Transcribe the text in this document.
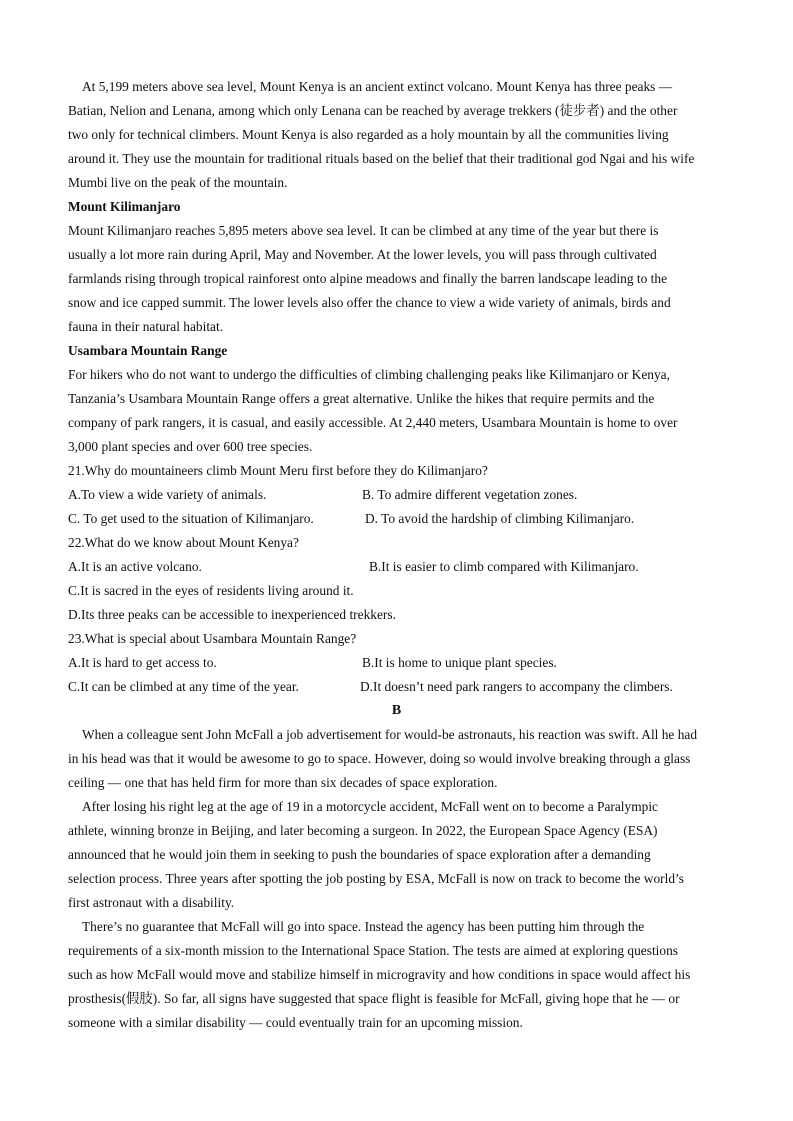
At 5,199 meters above sea level, Mount Kenya is an ancient extinct volcano. Mount Kenya has three peaks —
Batian, Nelion and Lenana, among which only Lenana can be reached by average trekkers (徒步者) and the other
two only for technical climbers. Mount Kenya is also regarded as a holy mountain by all the communities living
around it. They use the mountain for traditional rituals based on the belief that their traditional god Ngai and his wife
Mumbi live on the peak of the mountain.
Mount Kilimanjaro
Mount Kilimanjaro reaches 5,895 meters above sea level. It can be climbed at any time of the year but there is
usually a lot more rain during April, May and November. At the lower levels, you will pass through cultivated
farmlands rising through tropical rainforest onto alpine meadows and finally the barren landscape leading to the
snow and ice capped summit. The lower levels also offer the chance to view a wide variety of animals, birds and
fauna in their natural habitat.
Usambara Mountain Range
For hikers who do not want to undergo the difficulties of climbing challenging peaks like Kilimanjaro or Kenya,
Tanzania’s Usambara Mountain Range offers a great alternative. Unlike the hikes that require permits and the
company of park rangers, it is casual, and easily accessible. At 2,440 meters, Usambara Mountain is home to over
3,000 plant species and over 600 tree species.
21.Why do mountaineers climb Mount Meru first before they do Kilimanjaro?
A.To view a wide variety of animals.	B. To admire different vegetation zones.
C. To get used to the situation of Kilimanjaro.	D. To avoid the hardship of climbing Kilimanjaro.
22.What do we know about Mount Kenya?
A.It is an active volcano.	B.It is easier to climb compared with Kilimanjaro.
C.It is sacred in the eyes of residents living around it.
D.Its three peaks can be accessible to inexperienced trekkers.
23.What is special about Usambara Mountain Range?
A.It is hard to get access to.	B.It is home to unique plant species.
C.It can be climbed at any time of the year.	D.It doesn’t need park rangers to accompany the climbers.
B
When a colleague sent John McFall a job advertisement for would-be astronauts, his reaction was swift. All he had
in his head was that it would be awesome to go to space. However, doing so would involve breaking through a glass
ceiling — one that has held firm for more than six decades of space exploration.
After losing his right leg at the age of 19 in a motorcycle accident, McFall went on to become a Paralympic
athlete, winning bronze in Beijing, and later becoming a surgeon. In 2022, the European Space Agency (ESA)
announced that he would join them in seeking to push the boundaries of space exploration after a demanding
selection process. Three years after spotting the job posting by ESA, McFall is now on track to become the world’s
first astronaut with a disability.
There’s no guarantee that McFall will go into space. Instead the agency has been putting him through the
requirements of a six-month mission to the International Space Station. The tests are aimed at exploring questions
such as how McFall would move and stabilize himself in microgravity and how conditions in space would affect his
prosthesis(假肢). So far, all signs have suggested that space flight is feasible for McFall, giving hope that he — or
someone with a similar disability — could eventually train for an upcoming mission.
